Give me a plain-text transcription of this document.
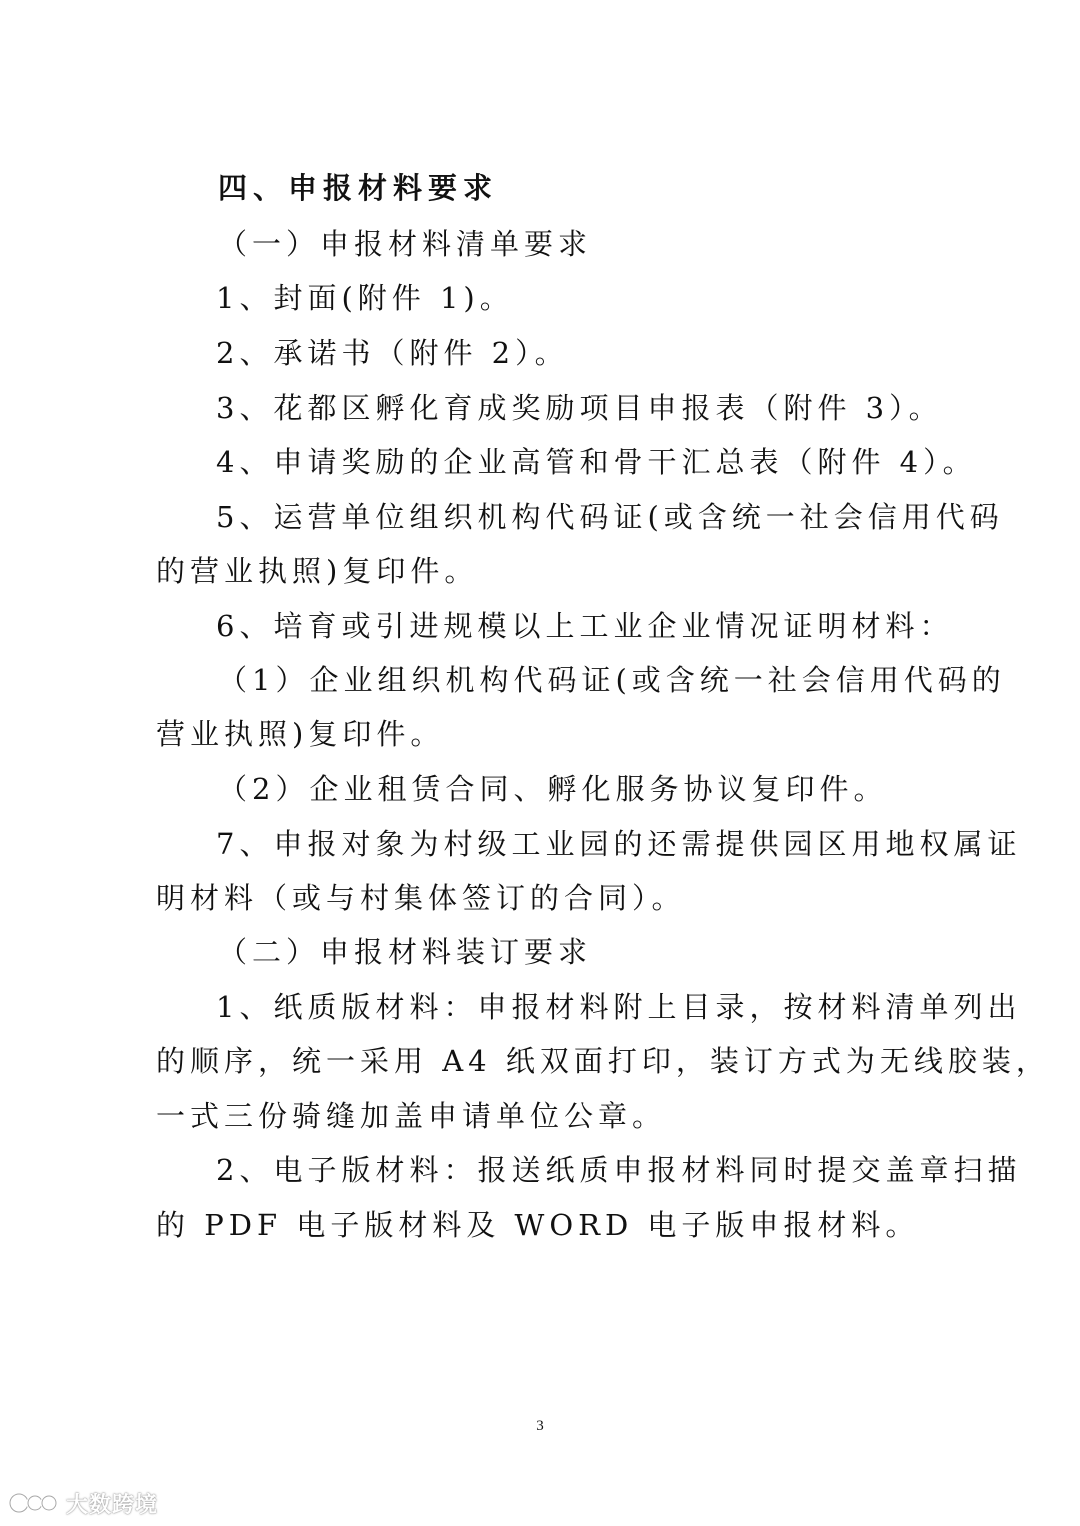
四、申报材料要求
（一）申报材料清单要求
1、封面(附件 1)。
2、承诺书（附件 2）。
3、花都区孵化育成奖励项目申报表（附件 3）。
4、申请奖励的企业高管和骨干汇总表（附件 4）。
5、运营单位组织机构代码证(或含统一社会信用代码
的营业执照)复印件。
6、培育或引进规模以上工业企业情况证明材料：
（1）企业组织机构代码证(或含统一社会信用代码的
营业执照)复印件。
（2）企业租赁合同、孵化服务协议复印件。
7、申报对象为村级工业园的还需提供园区用地权属证
明材料（或与村集体签订的合同）。
（二）申报材料装订要求
1、纸质版材料：申报材料附上目录，按材料清单列出
的顺序，统一采用 A4 纸双面打印，装订方式为无线胶装，
一式三份骑缝加盖申请单位公章。
2、电子版材料：报送纸质申报材料同时提交盖章扫描
的 PDF 电子版材料及 WORD 电子版申报材料。
3
大数跨境
